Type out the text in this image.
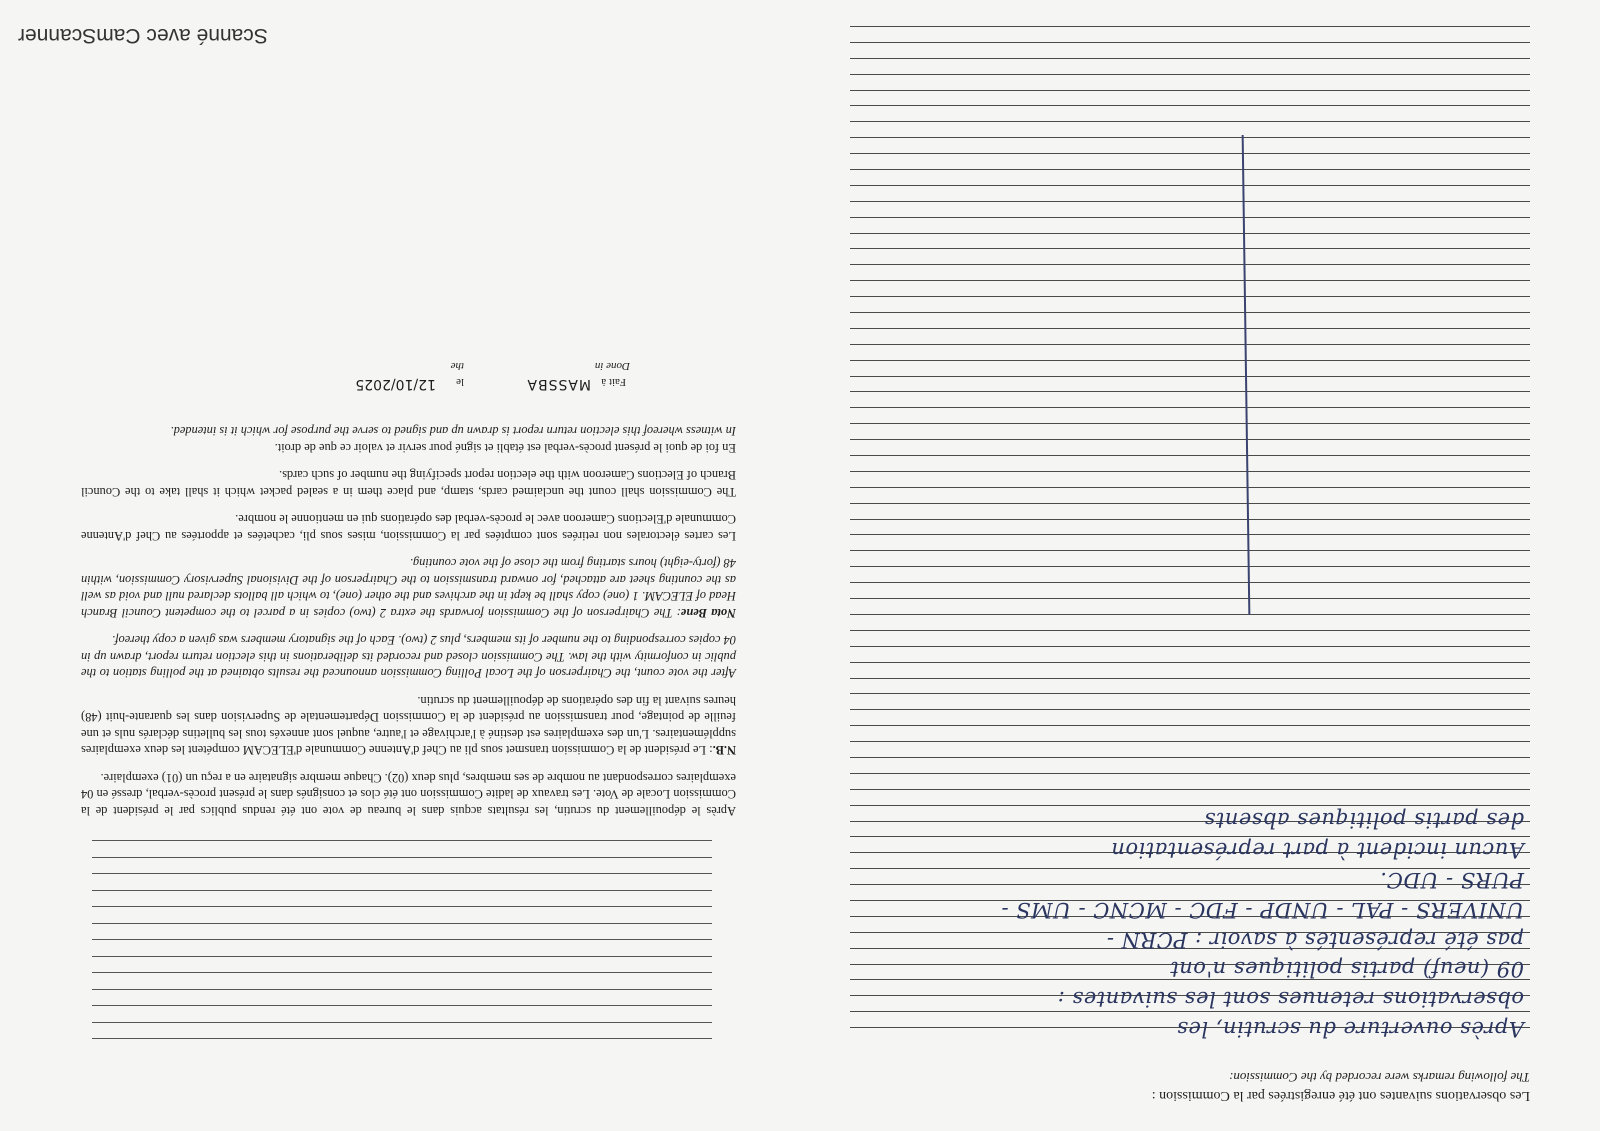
Scanné avec CamScanner

Après le dépouillement du scrutin, les résultats acquis dans le bureau de vote ont été rendus publics par le président de la Commission Locale de Vote. Les travaux de ladite Commission ont été clos et consignés dans le présent procès-verbal, dressé en 04 exemplaires correspondant au nombre de ses membres, plus deux (02). Chaque membre signataire en a reçu un (01) exemplaire.

N.B.: Le président de la Commission transmet sous pli au Chef d'Antenne Communale d'ELECAM compétent les deux exemplaires supplémentaires. L'un des exemplaires est destiné à l'archivage et l'autre, auquel sont annexés tous les bulletins déclarés nuls et une feuille de pointage, pour transmission au président de la Commission Départementale de Supervision dans les quarante-huit (48) heures suivant la fin des opérations de dépouillement du scrutin.

After the vote count, the Chairperson of the Local Polling Commission announced the results obtained at the polling station to the public in conformity with the law. The Commission closed and recorded its deliberations in this election return report, drawn up in 04 copies corresponding to the number of its members, plus 2 (two). Each of the signatory members was given a copy thereof.

Nota Bene: The Chairperson of the Commission forwards the extra 2 (two) copies in a parcel to the competent Council Branch Head of ELECAM. 1 (one) copy shall be kept in the archives and the other (one), to which all ballots declared null and void as well as the counting sheet are attached, for onward transmission to the Chairperson of the Divisional Supervisory Commission, within 48 (forty-eight) hours starting from the close of the vote counting.

Les cartes électorales non retirées sont comptées par la Commission, mises sous pli, cachetées et apportées au Chef d'Antenne Communale d'Elections Cameroon avec le procès-verbal des opérations qui en mentionne le nombre.

The Commission shall count the unclaimed cards, stamp, and place them in a sealed packet which it shall take to the Council Branch of Elections Cameroon with the election report specifying the number of such cards.

En foi de quoi le présent procès-verbal est établi et signé pour servir et valoir ce que de droit.

In witness whereof this election return report is drawn up and signed to serve the purpose for which it is intended.

Fait à
Done in
MASSBA
le
the
12/10/2025

Les observations suivantes ont été enregistrées par la Commission :

The following remarks were recorded by the Commission:

Après ouverture du scrutin, les
observations retenues sont les suivantes :
09 (neuf) partis politiques n'ont
pas été représentés à savoir : PCRN -
UNIVERS - PAL - UNDP - FDC - MCNC - UMS -
PURS - UDC.
Aucun incident à part représentation
des partis politiques absents
